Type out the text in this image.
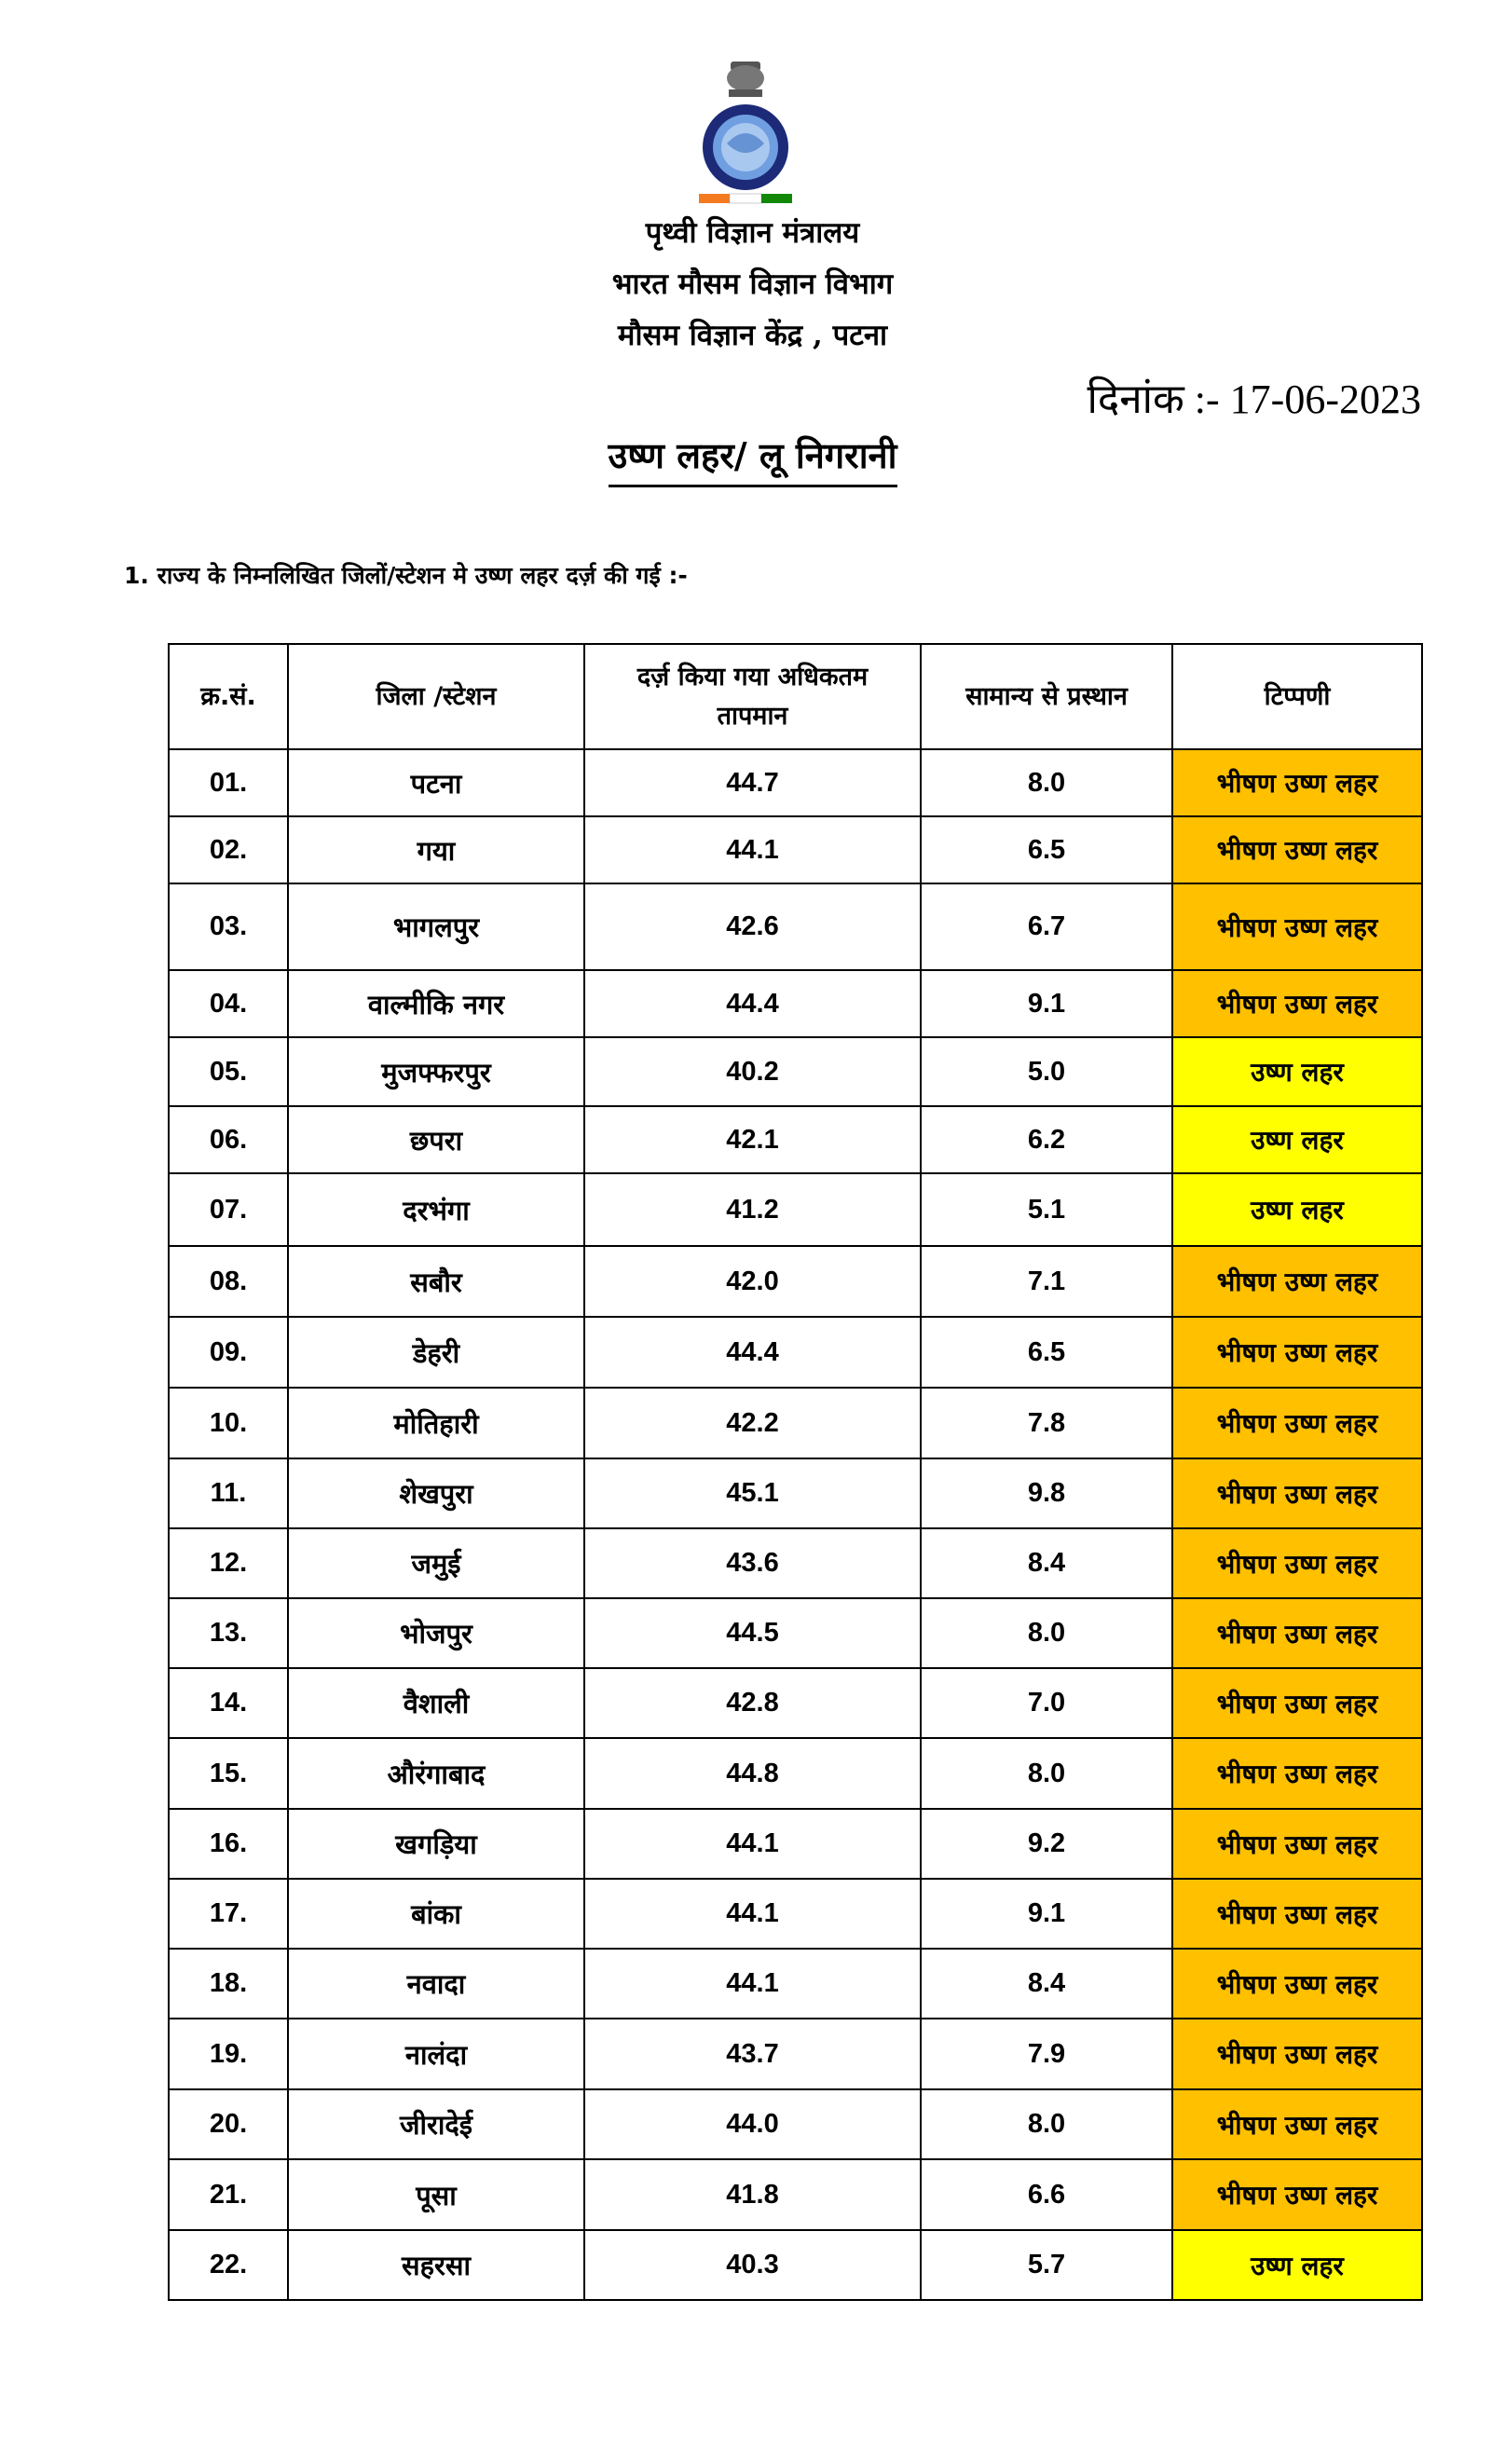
पृथ्वी विज्ञान मंत्रालय
भारत मौसम विज्ञान विभाग
मौसम विज्ञान केंद्र , पटना
दिनांक :- 17-06-2023
उष्ण लहर/ लू निगरानी
1. राज्य के निम्नलिखित जिलों/स्टेशन मे उष्ण लहर दर्ज़ की गई :-
क्र.सं.	जिला /स्टेशन	दर्ज़ किया गया अधिकतम तापमान	सामान्य से प्रस्थान	टिप्पणी
01.	पटना	44.7	8.0	भीषण उष्ण लहर
02.	गया	44.1	6.5	भीषण उष्ण लहर
03.	भागलपुर	42.6	6.7	भीषण उष्ण लहर
04.	वाल्मीकि नगर	44.4	9.1	भीषण उष्ण लहर
05.	मुजफ्फरपुर	40.2	5.0	उष्ण लहर
06.	छपरा	42.1	6.2	उष्ण लहर
07.	दरभंगा	41.2	5.1	उष्ण लहर
08.	सबौर	42.0	7.1	भीषण उष्ण लहर
09.	डेहरी	44.4	6.5	भीषण उष्ण लहर
10.	मोतिहारी	42.2	7.8	भीषण उष्ण लहर
11.	शेखपुरा	45.1	9.8	भीषण उष्ण लहर
12.	जमुई	43.6	8.4	भीषण उष्ण लहर
13.	भोजपुर	44.5	8.0	भीषण उष्ण लहर
14.	वैशाली	42.8	7.0	भीषण उष्ण लहर
15.	औरंगाबाद	44.8	8.0	भीषण उष्ण लहर
16.	खगड़िया	44.1	9.2	भीषण उष्ण लहर
17.	बांका	44.1	9.1	भीषण उष्ण लहर
18.	नवादा	44.1	8.4	भीषण उष्ण लहर
19.	नालंदा	43.7	7.9	भीषण उष्ण लहर
20.	जीरादेई	44.0	8.0	भीषण उष्ण लहर
21.	पूसा	41.8	6.6	भीषण उष्ण लहर
22.	सहरसा	40.3	5.7	उष्ण लहर
